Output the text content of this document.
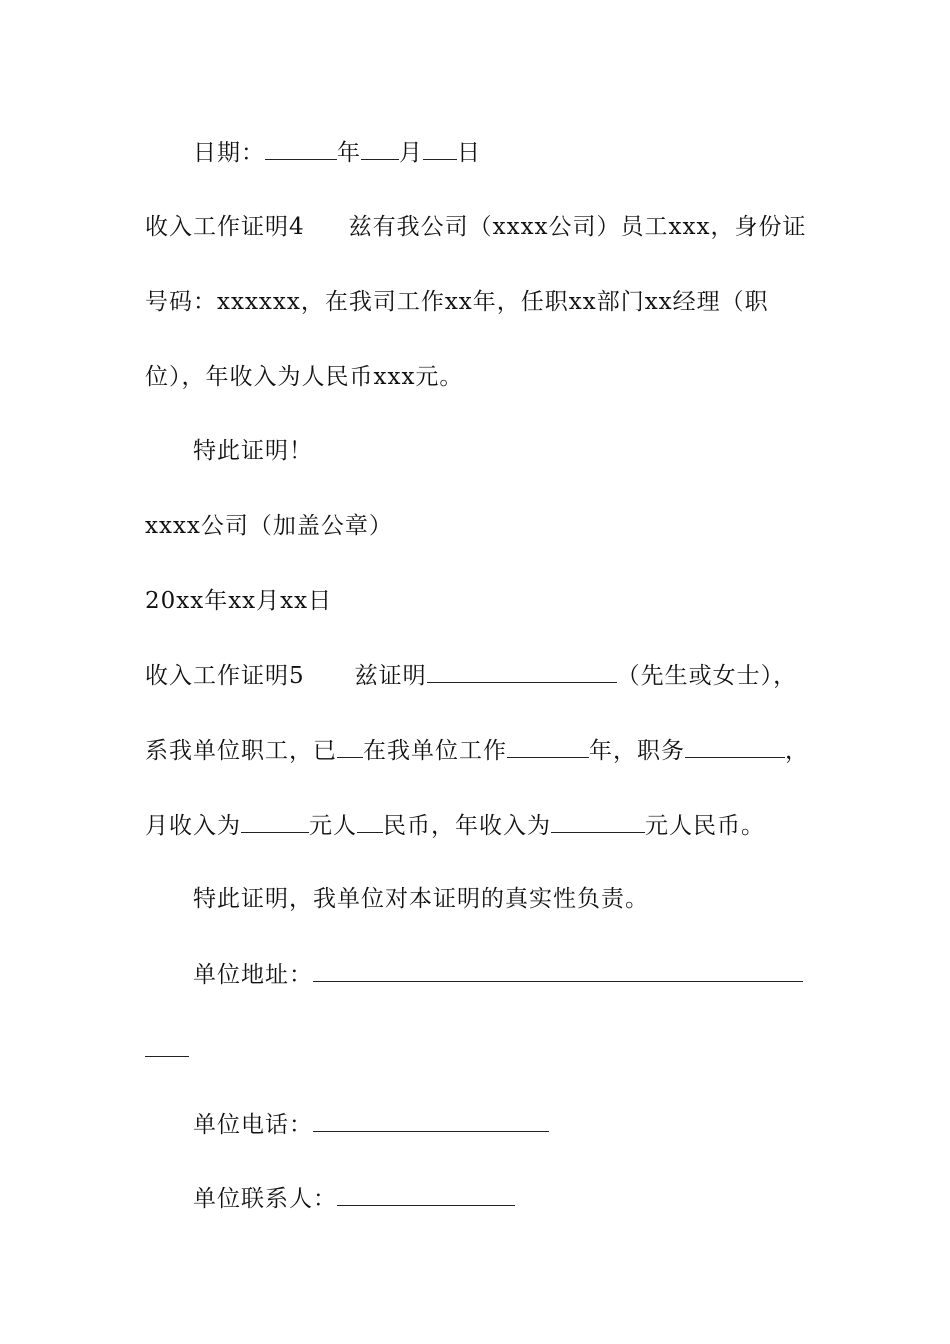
日期：	年 月 日
收入工作证明4 兹有我公司（xxxx公司）员工xxx，身份证
号码：xxxxxx，在我司工作xx年，任职xx部门xx经理（职
位），年收入为人民币xxx元。
特此证明！
xxxx公司（加盖公章）
20xx年xx月xx日
收入工作证明5 兹证明	（先生或女士），
系我单位职工，已 在我单位工作	年，职务	，
月收入为	元人 民币，年收入为	元人民币。
特此证明，我单位对本证明的真实性负责。
单位地址：
单位电话：
单位联系人：
